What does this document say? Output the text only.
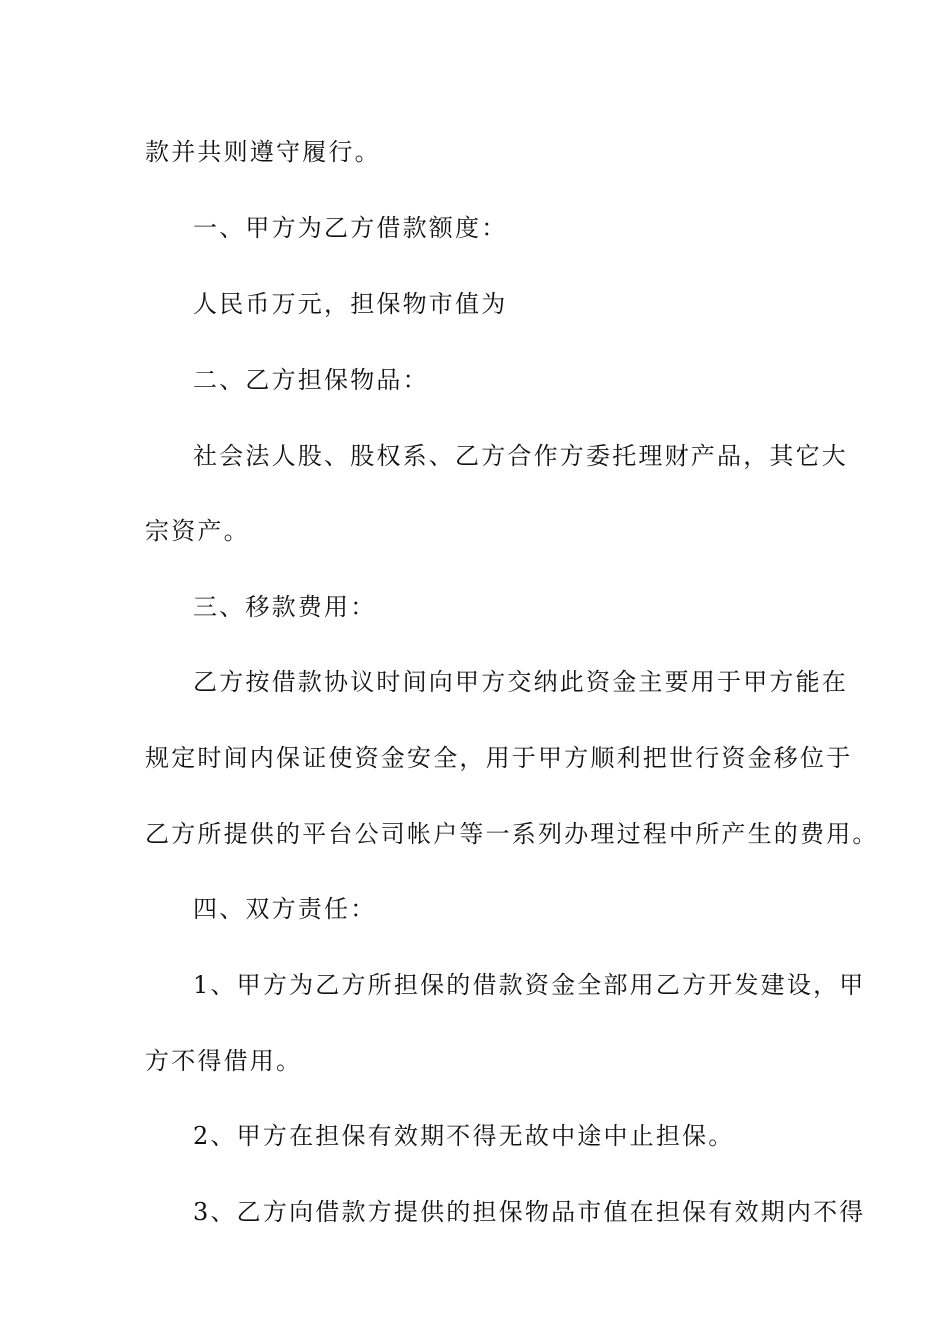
款并共则遵守履行。
一、甲方为乙方借款额度：
人民币万元，担保物市值为
二、乙方担保物品：
社会法人股、股权系、乙方合作方委托理财产品，其它大
宗资产。
三、移款费用：
乙方按借款协议时间向甲方交纳此资金主要用于甲方能在
规定时间内保证使资金安全，用于甲方顺利把世行资金移位于
乙方所提供的平台公司帐户等一系列办理过程中所产生的费用。
四、双方责任：
1、甲方为乙方所担保的借款资金全部用乙方开发建设，甲
方不得借用。
2、甲方在担保有效期不得无故中途中止担保。
3、乙方向借款方提供的担保物品市值在担保有效期内不得
